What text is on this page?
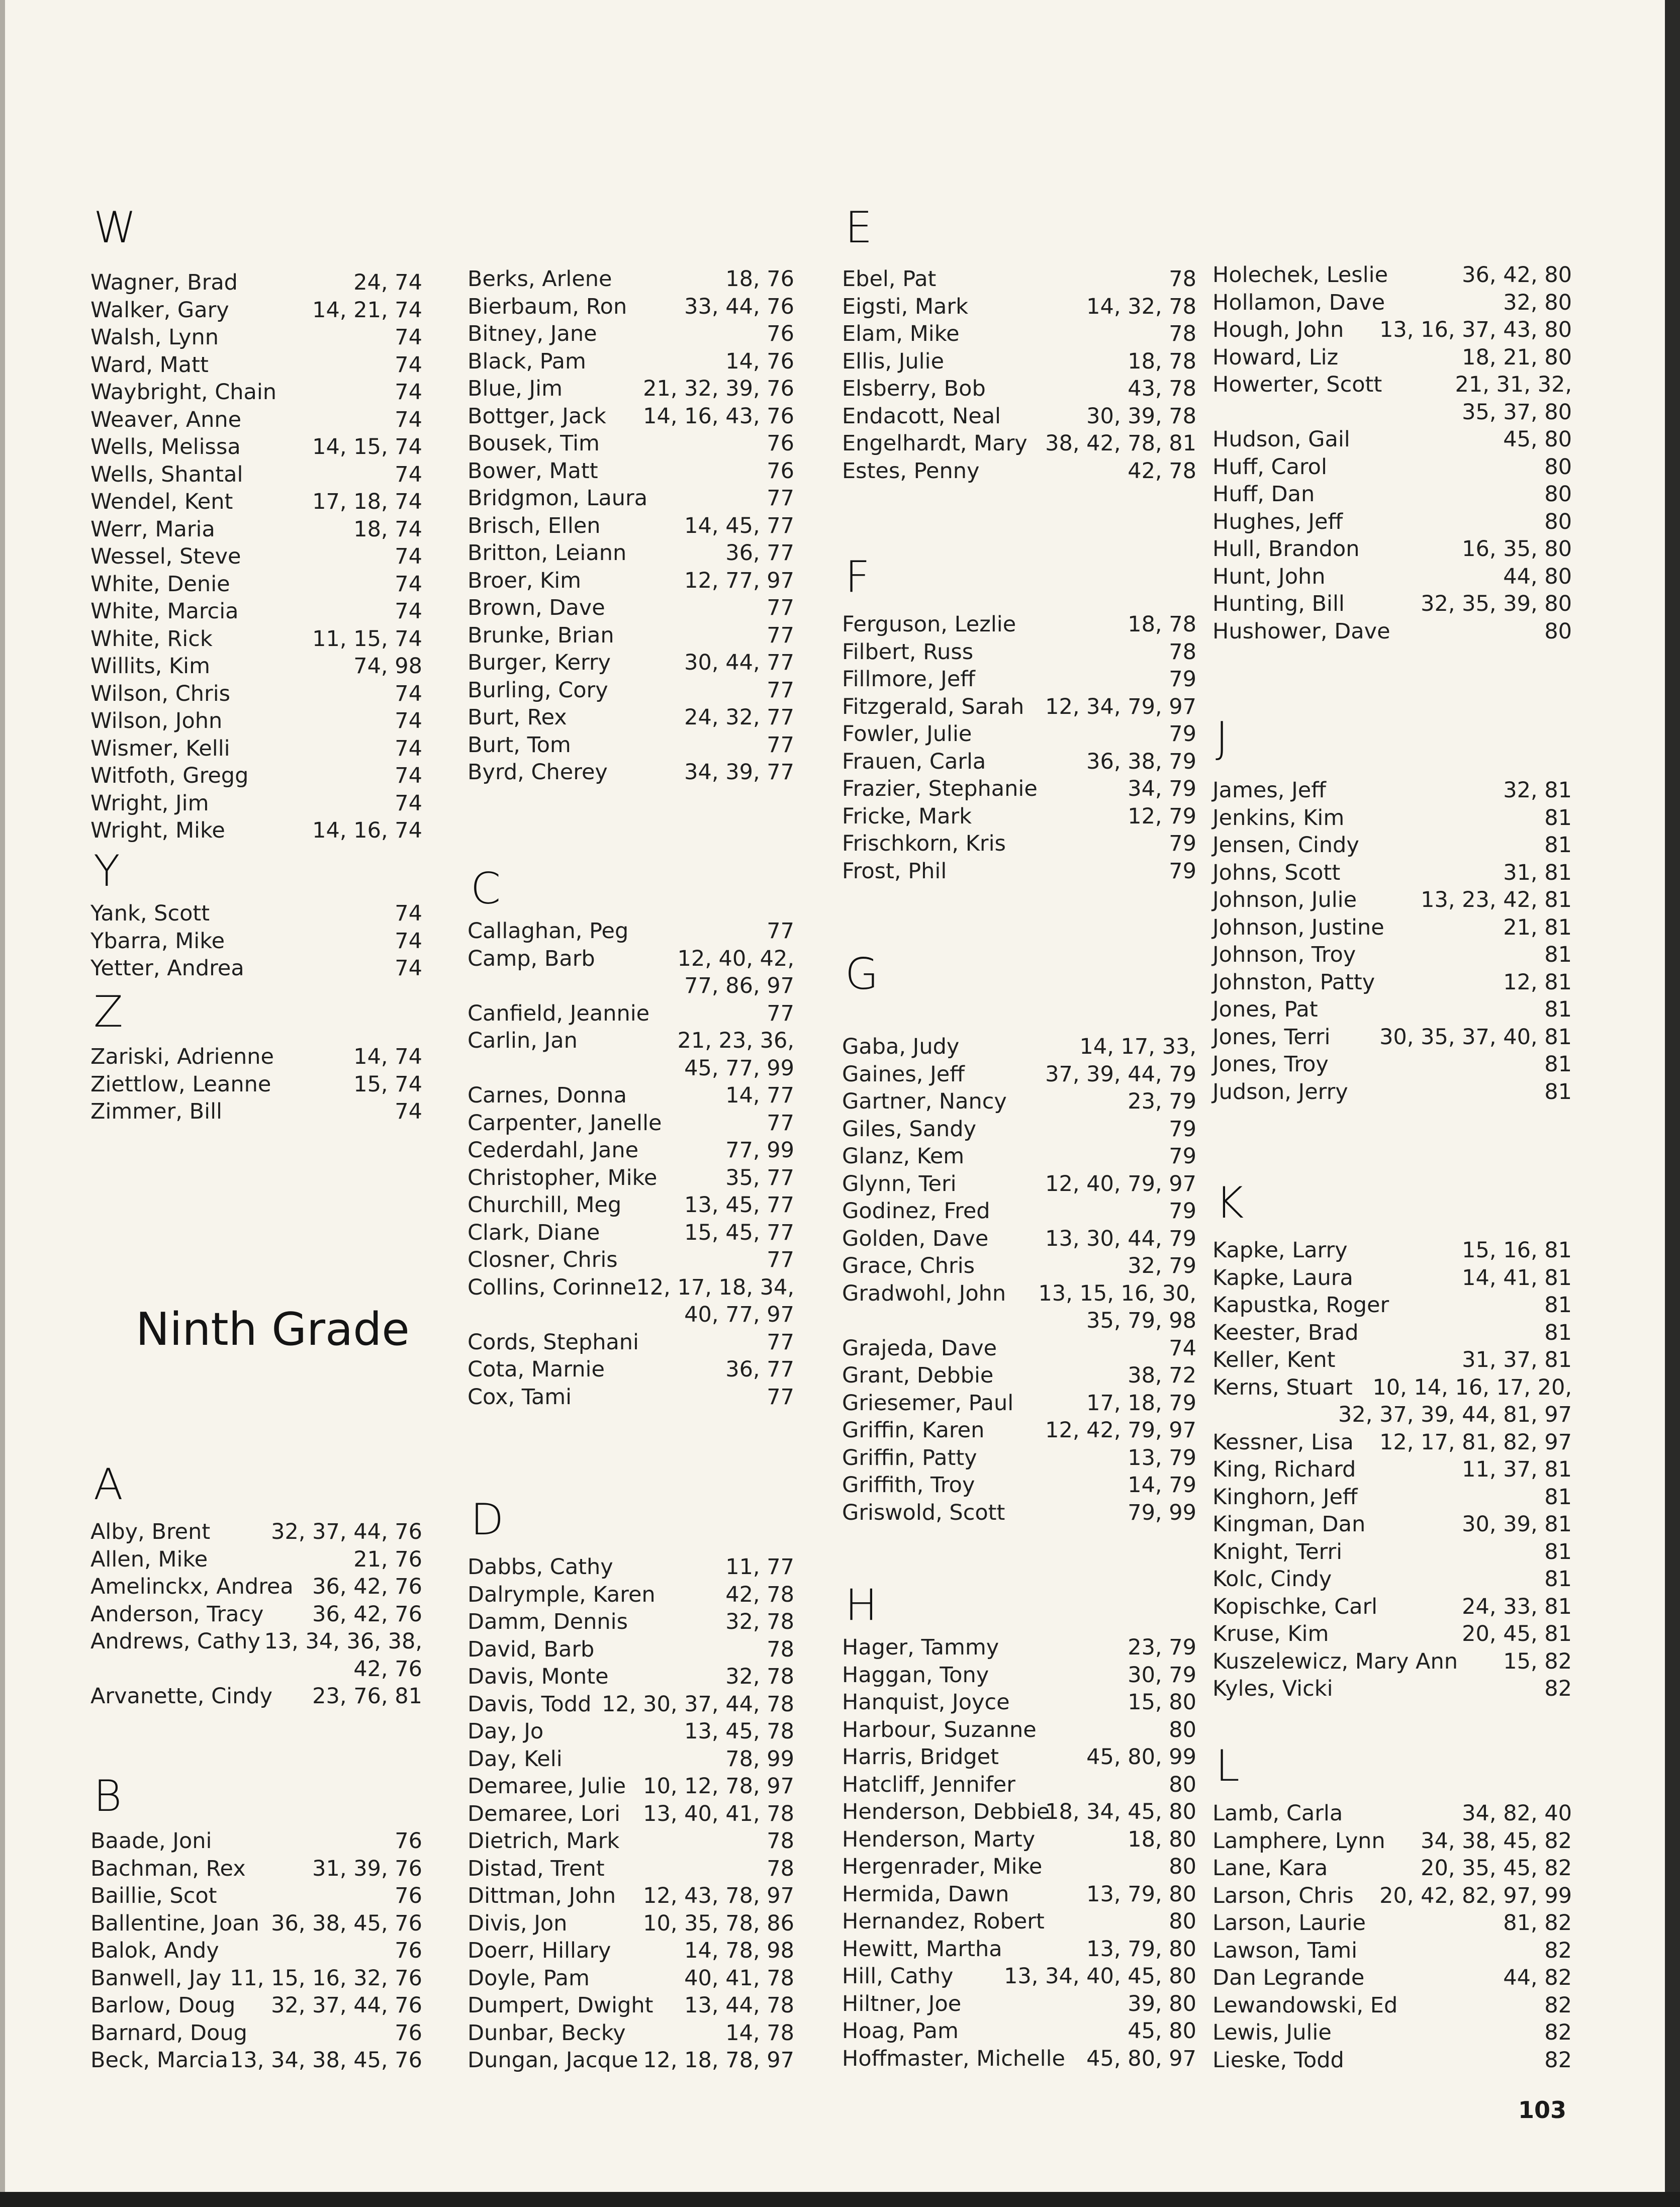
W
Wagner, Brad	24, 74
Walker, Gary	14, 21, 74
Walsh, Lynn	74
Ward, Matt	74
Waybright, Chain	74
Weaver, Anne	74
Wells, Melissa	14, 15, 74
Wells, Shantal	74
Wendel, Kent	17, 18, 74
Werr, Maria	18, 74
Wessel, Steve	74
White, Denie	74
White, Marcia	74
White, Rick	11, 15, 74
Willits, Kim	74, 98
Wilson, Chris	74
Wilson, John	74
Wismer, Kelli	74
Witfoth, Gregg	74
Wright, Jim	74
Wright, Mike	14, 16, 74
Y
Yank, Scott	74
Ybarra, Mike	74
Yetter, Andrea	74
Z
Zariski, Adrienne	14, 74
Ziettlow, Leanne	15, 74
Zimmer, Bill	74
A
Alby, Brent	32, 37, 44, 76
Allen, Mike	21, 76
Amelinckx, Andrea 36, 42, 76
Anderson, Tracy 36, 42, 76
Andrews, Cathy 13, 34, 36, 38,
42, 76
Arvanette, Cindy 23, 76, 81
B
Baade, Joni	76
Bachman, Rex	31, 39, 76
Baillie, Scot	76
Ballentine, Joan 36, 38, 45, 76
Balok, Andy	76
Banwell, Jay 11, 15, 16, 32, 76
Barlow, Doug 32, 37, 44, 76
Barnard, Doug	76
Beck, Marcia 13, 34, 38, 45, 76
Berks, Arlene	18, 76
Bierbaum, Ron	33, 44, 76
Bitney, Jane	76
Black, Pam	14, 76
Blue, Jim	21, 32, 39, 76
Bottger, Jack 14, 16, 43, 76
Bousek, Tim	76
Bower, Matt	76
Bridgmon, Laura	77
Brisch, Ellen	14, 45, 77
Britton, Leiann	36, 77
Broer, Kim	12, 77, 97
Brown, Dave	77
Brunke, Brian	77
Burger, Kerry	30, 44, 77
Burling, Cory	77
Burt, Rex	24, 32, 77
Burt, Tom	77
Byrd, Cherey	34, 39, 77
C
Callaghan, Peg	77
Camp, Barb	12, 40, 42,
77, 86, 97
Canfield, Jeannie	77
Carlin, Jan	21, 23, 36,
45, 77, 99
Carnes, Donna	14, 77
Carpenter, Janelle	77
Cederdahl, Jane	77, 99
Christopher, Mike	35, 77
Churchill, Meg	13, 45, 77
Clark, Diane	15, 45, 77
Closner, Chris	77
Collins, Corinne 12, 17, 18, 34,
40, 77, 97
Cords, Stephani	77
Cota, Marnie	36, 77
Cox, Tami	77
D
Dabbs, Cathy	11, 77
Dalrymple, Karen	42, 78
Damm, Dennis	32, 78
David, Barb	78
Davis, Monte	32, 78
Davis, Todd 12, 30, 37, 44, 78
Day, Jo	13, 45, 78
Day, Keli	78, 99
Demaree, Julie 10, 12, 78, 97
Demaree, Lori 13, 40, 41, 78
Dietrich, Mark	78
Distad, Trent	78
Dittman, John 12, 43, 78, 97
Divis, Jon	10, 35, 78, 86
Doerr, Hillary	14, 78, 98
Doyle, Pam	40, 41, 78
Dumpert, Dwight 13, 44, 78
Dunbar, Becky	14, 78
Dungan, Jacque 12, 18, 78, 97
E
Ebel, Pat	78
Eigsti, Mark	14, 32, 78
Elam, Mike	78
Ellis, Julie	18, 78
Elsberry, Bob	43, 78
Endacott, Neal	30, 39, 78
Engelhardt, Mary 38, 42, 78, 81
Estes, Penny	42, 78
F
Ferguson, Lezlie	18, 78
Filbert, Russ	78
Fillmore, Jeff	79
Fitzgerald, Sarah 12, 34, 79, 97
Fowler, Julie	79
Frauen, Carla	36, 38, 79
Frazier, Stephanie	34, 79
Fricke, Mark	12, 79
Frischkorn, Kris	79
Frost, Phil	79
G
Gaba, Judy	14, 17, 33,
Gaines, Jeff	37, 39, 44, 79
Gartner, Nancy	23, 79
Giles, Sandy	79
Glanz, Kem	79
Glynn, Teri	12, 40, 79, 97
Godinez, Fred	79
Golden, Dave	13, 30, 44, 79
Grace, Chris	32, 79
Gradwohl, John 13, 15, 16, 30,
35, 79, 98
Grajeda, Dave	74
Grant, Debbie	38, 72
Griesemer, Paul	17, 18, 79
Griffin, Karen	12, 42, 79, 97
Griffin, Patty	13, 79
Griffith, Troy	14, 79
Griswold, Scott	79, 99
H
Hager, Tammy	23, 79
Haggan, Tony	30, 79
Hanquist, Joyce	15, 80
Harbour, Suzanne	80
Harris, Bridget	45, 80, 99
Hatcliff, Jennifer	80
Henderson, Debbie
18, 34, 45, 80
Henderson, Marty	18, 80
Hergenrader, Mike	80
Hermida, Dawn	13, 79, 80
Hernandez, Robert	80
Hewitt, Martha	13, 79, 80
Hill, Cathy 13, 34, 40, 45, 80
Hiltner, Joe	39, 80
Hoag, Pam	45, 80
Hoffmaster, Michelle 45, 80, 97
Holechek, Leslie	36, 42, 80
Hollamon, Dave	32, 80
Hough, John 13, 16, 37, 43, 80
Howard, Liz	18, 21, 80
Howerter, Scott	21, 31, 32,
35, 37, 80
Hudson, Gail	45, 80
Huff, Carol	80
Huff, Dan	80
Hughes, Jeff	80
Hull, Brandon	16, 35, 80
Hunt, John	44, 80
Hunting, Bill	32, 35, 39, 80
Hushower, Dave	80
J
James, Jeff	32, 81
Jenkins, Kim	81
Jensen, Cindy	81
Johns, Scott	31, 81
Johnson, Julie	13, 23, 42, 81
Johnson, Justine	21, 81
Johnson, Troy	81
Johnston, Patty	12, 81
Jones, Pat	81
Jones, Terri 30, 35, 37, 40, 81
Jones, Troy	81
Judson, Jerry	81
K
Kapke, Larry	15, 16, 81
Kapke, Laura	14, 41, 81
Kapustka, Roger	81
Keester, Brad	81
Keller, Kent	31, 37, 81
Kerns, Stuart 10, 14, 16, 17, 20,
32, 37, 39, 44, 81, 97
Kessner, Lisa 12, 17, 81, 82, 97
King, Richard	11, 37, 81
Kinghorn, Jeff	81
Kingman, Dan	30, 39, 81
Knight, Terri	81
Kolc, Cindy	81
Kopischke, Carl	24, 33, 81
Kruse, Kim	20, 45, 81
Kuszelewicz, Mary Ann 15, 82
Kyles, Vicki	82
L
Lamb, Carla	34, 82, 40
Lamphere, Lynn 34, 38, 45, 82
Lane, Kara	20, 35, 45, 82
Larson, Chris 20, 42, 82, 97, 99
Larson, Laurie	81, 82
Lawson, Tami	82
Dan Legrande	44, 82
Lewandowski, Ed	82
Lewis, Julie	82
Lieske, Todd	82
Ninth Grade
103
